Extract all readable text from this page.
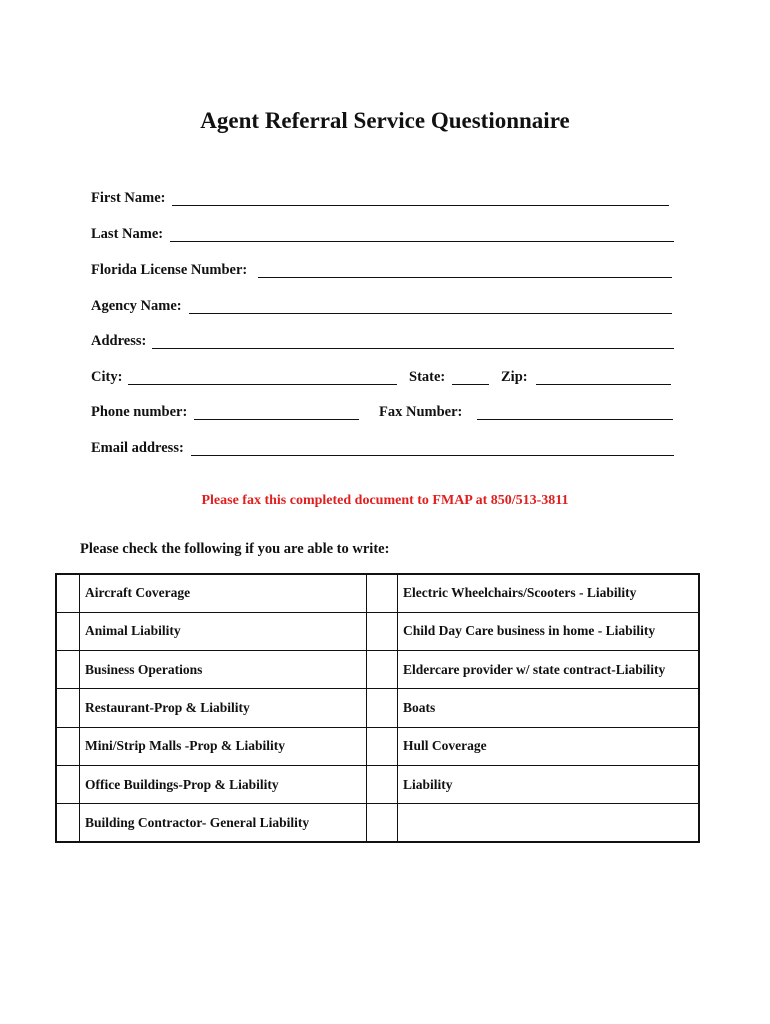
Agent Referral Service Questionnaire
First Name:
Last Name:
Florida License Number:
Agency Name:
Address:
City:	State:	Zip:
Phone number:	Fax Number:
Email address:
Please fax this completed document to FMAP at 850/513-3811
Please check the following if you are able to write:
	Aircraft Coverage		Electric Wheelchairs/Scooters - Liability
	Animal Liability		Child Day Care business in home - Liability
	Business Operations		Eldercare provider w/ state contract-Liability
	Restaurant-Prop & Liability		Boats
	Mini/Strip Malls -Prop & Liability		Hull Coverage
	Office Buildings-Prop & Liability		Liability
	Building Contractor- General Liability		
